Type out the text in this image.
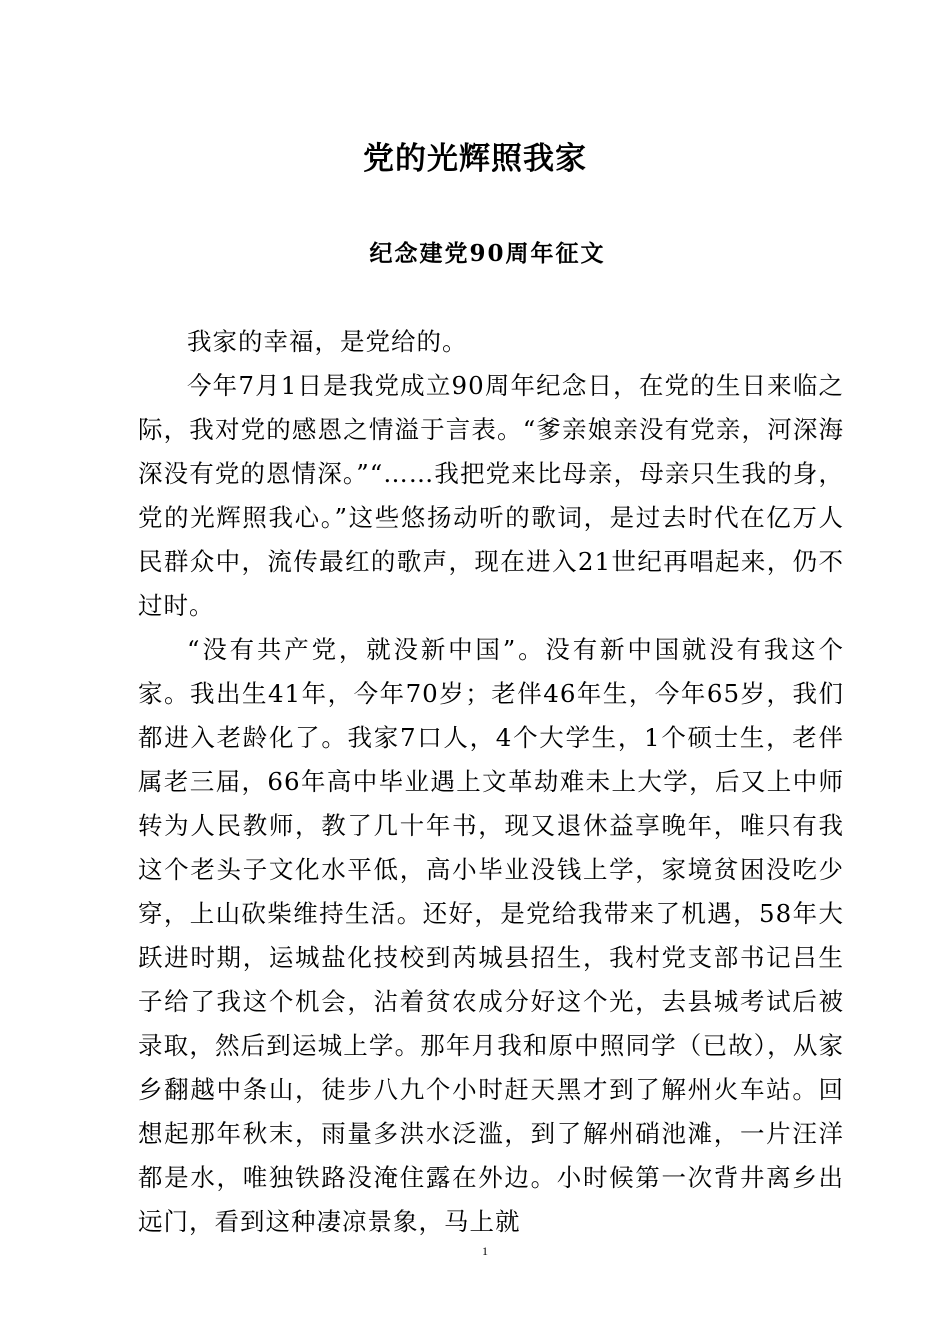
党的光辉照我家
纪念建党90周年征文

我家的幸福，是党给的。

今年7月1日是我党成立90周年纪念日，在党的生日来临之际，我对党的感恩之情溢于言表。“爹亲娘亲没有党亲，河深海深没有党的恩情深。”“……我把党来比母亲，母亲只生我的身，党的光辉照我心。”这些悠扬动听的歌词，是过去时代在亿万人民群众中，流传最红的歌声，现在进入21世纪再唱起来，仍不过时。

“没有共产党，就没新中国”。没有新中国就没有我这个家。我出生41年，今年70岁；老伴46年生，今年65岁，我们都进入老龄化了。我家7口人，4个大学生，1个硕士生，老伴属老三届，66年高中毕业遇上文革劫难未上大学，后又上中师转为人民教师，教了几十年书，现又退休益享晚年，唯只有我这个老头子文化水平低，高小毕业没钱上学，家境贫困没吃少穿，上山砍柴维持生活。还好，是党给我带来了机遇，58年大跃进时期，运城盐化技校到芮城县招生，我村党支部书记吕生子给了我这个机会，沾着贫农成分好这个光，去县城考试后被录取，然后到运城上学。那年月我和原中照同学（已故），从家乡翻越中条山，徒步八九个小时赶天黑才到了解州火车站。回想起那年秋末，雨量多洪水泛滥，到了解州硝池滩，一片汪洋都是水，唯独铁路没淹住露在外边。小时候第一次背井离乡出远门，看到这种凄凉景象，马上就

1
